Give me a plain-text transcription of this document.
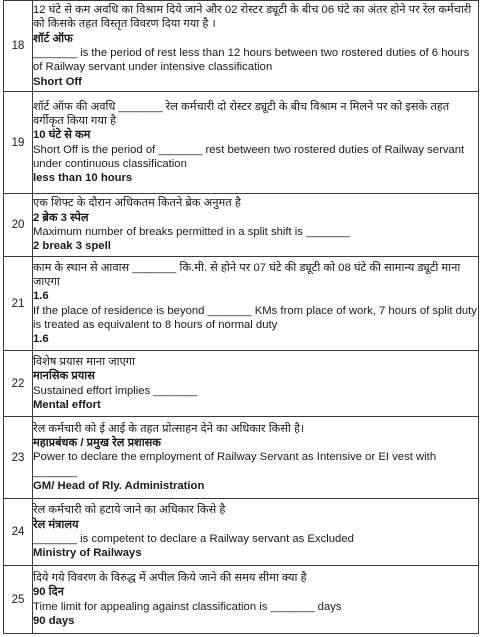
18	12 घंटे से कम अवधि का विश्राम दिये जाने और 02 रोस्टर ड्यूटी के बीच 06 घंटे का अंतर होने पर रेल कर्मचारी को किसके तहत विस्तृत विवरण दिया गया है ।
शॉर्ट ऑफ
_______ is the period of rest less than 12 hours between two rostered duties of 6 hours of Railway servant under intensive classification
Short Off

19	शॉर्ट ऑफ की अवधि _______ रेल कर्मचारी दो रोस्टर ड्यूटी के बीच विश्राम न मिलने पर को इसके तहत वर्गीकृत किया गया है
10 घंटे से कम
Short Off is the period of _______ rest between two rostered duties of Railway servant under continuous classification
less than 10 hours

20	एक शिफ्ट के दौरान अधिकतम कितने ब्रेक अनुमत है
2 ब्रेक 3 स्पेल
Maximum number of breaks permitted in a split shift is _______
2 break 3 spell

21	काम के स्थान से आवास _______ कि.मी. से होने पर 07 घंटे की ड्यूटी को 08 घंटे की सामान्य ड्यूटी माना जाएगा
1.6
If the place of residence is beyond _______ KMs from place of work, 7 hours of split duty is treated as equivalent to 8 hours of normal duty
1.6

22	विशेष प्रयास माना जाएगा
मानसिक प्रयास
Sustained effort implies _______
Mental effort

23	रेल कर्मचारी को ई आई के तहत प्रोत्साहन देने का अधिकार किसी है।
महाप्रबंधक / प्रमुख रेल प्रशासक
Power to declare the employment of Railway Servant as Intensive or EI vest with _______
GM/ Head of Rly. Administration

24	रेल कर्मचारी को हटाये जाने का अधिकार किसे है
रेल मंत्रालय
_______ is competent to declare a Railway servant as Excluded
Ministry of Railways

25	दिये गये विवरण के विरुद्ध में अपील किये जाने की समय सीमा क्या है
90 दिन
Time limit for appealing against classification is _______ days
90 days
